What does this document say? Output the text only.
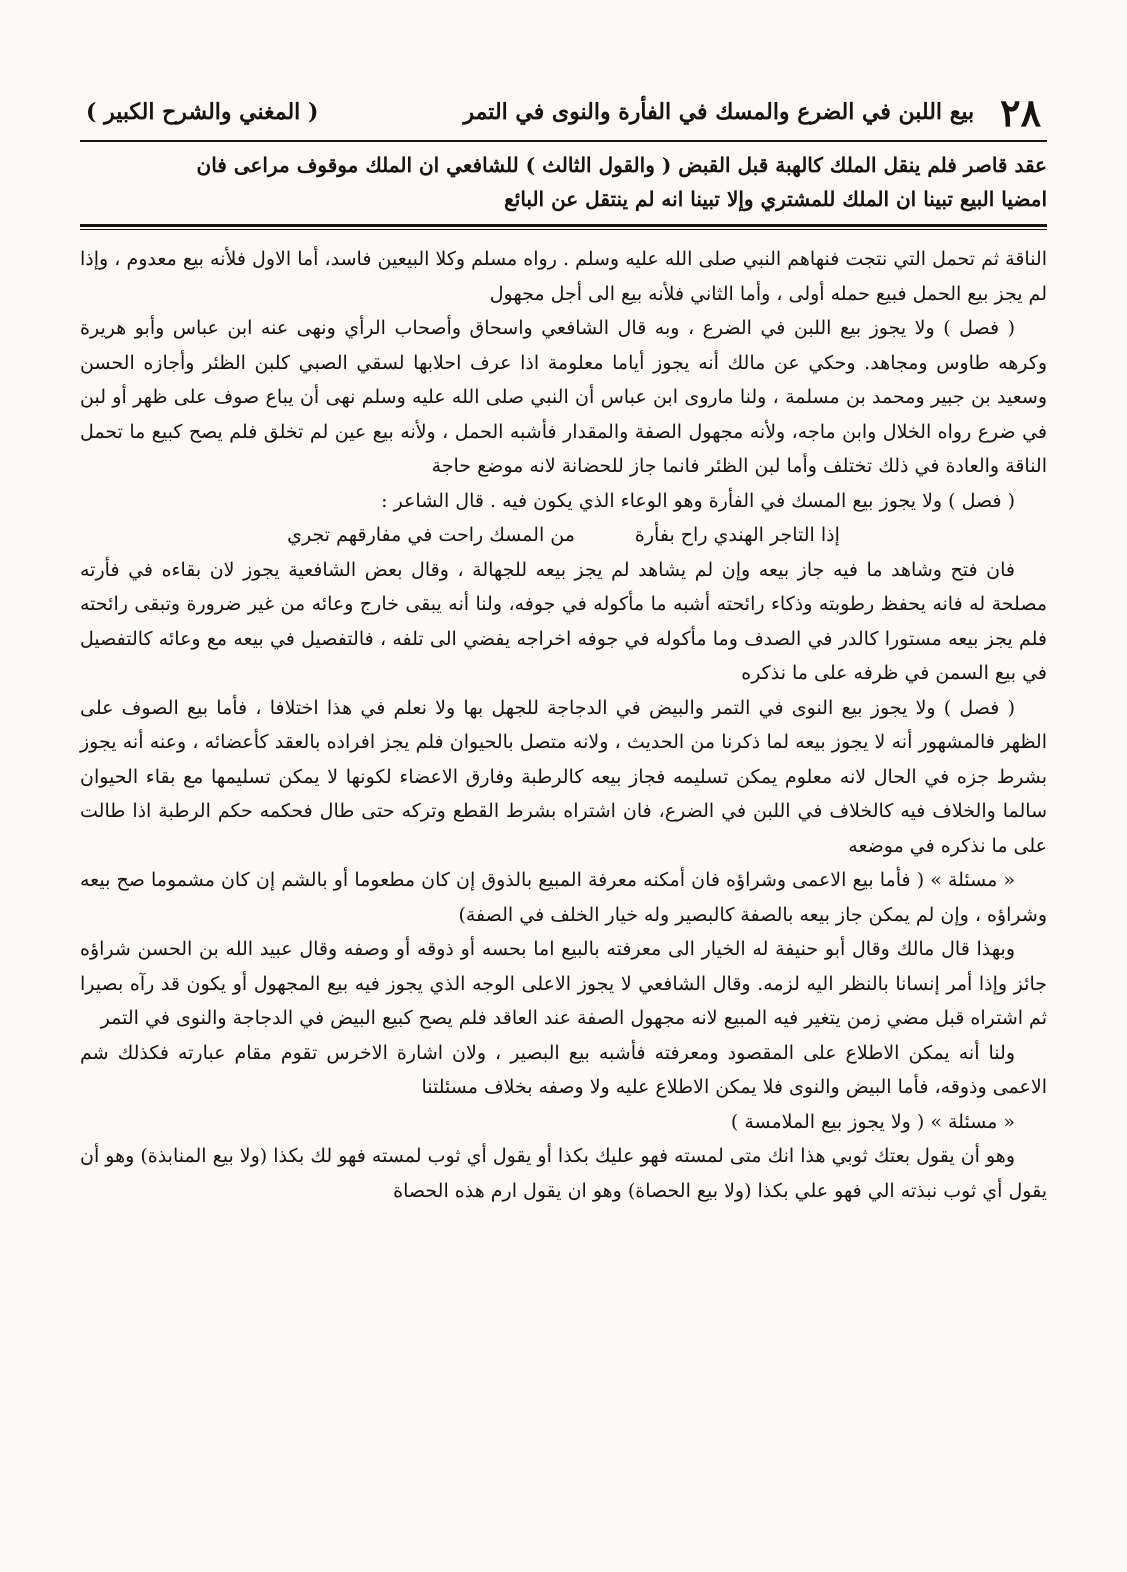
٢٨
بيع اللبن في الضرع والمسك في الفأرة والنوى في التمر
( المغني والشرح الكبير )

عقد قاصر فلم ينقل الملك كالهبة قبل القبض ( والقول الثالث ) للشافعي ان الملك موقوف مراعى فان

امضيا البيع تبينا ان الملك للمشتري وإلا تبينا انه لم ينتقل عن البائع

الناقة ثم تحمل التي نتجت فنهاهم النبي صلى الله عليه وسلم . رواه مسلم وكلا البيعين فاسد، أما الاول فلأنه بيع معدوم ، وإذا لم يجز بيع الحمل فبيع حمله أولى ، وأما الثاني فلأنه بيع الى أجل مجهول

( فصل ) ولا يجوز بيع اللبن في الضرع ، وبه قال الشافعي واسحاق وأصحاب الرأي ونهى عنه ابن عباس وأبو هريرة وكرهه طاوس ومجاهد. وحكي عن مالك أنه يجوز أياما معلومة اذا عرف احلابها لسقي الصبي كلبن الظئر وأجازه الحسن وسعيد بن جبير ومحمد بن مسلمة ، ولنا ماروى ابن عباس أن النبي صلى الله عليه وسلم نهى أن يباع صوف على ظهر أو لبن في ضرع رواه الخلال وابن ماجه، ولأنه مجهول الصفة والمقدار فأشبه الحمل ، ولأنه بيع عين لم تخلق فلم يصح كبيع ما تحمل الناقة والعادة في ذلك تختلف وأما لبن الظئر فانما جاز للحضانة لانه موضع حاجة

( فصل ) ولا يجوز بيع المسك في الفأرة وهو الوعاء الذي يكون فيه . قال الشاعر :

إذا التاجر الهندي راح بفأرة
من المسك راحت في مفارقهم تجري

فان فتح وشاهد ما فيه جاز بيعه وإن لم يشاهد لم يجز بيعه للجهالة ، وقال بعض الشافعية يجوز لان بقاءه في فأرته مصلحة له فانه يحفظ رطوبته وذكاء رائحته أشبه ما مأكوله في جوفه، ولنا أنه يبقى خارج وعائه من غير ضرورة وتبقى رائحته فلم يجز بيعه مستورا كالدر في الصدف وما مأكوله في جوفه اخراجه يفضي الى تلفه ، فالتفصيل في بيعه مع وعائه كالتفصيل في بيع السمن في ظرفه على ما نذكره

( فصل ) ولا يجوز بيع النوى في التمر والبيض في الدجاجة للجهل بها ولا نعلم في هذا اختلافا ، فأما بيع الصوف على الظهر فالمشهور أنه لا يجوز بيعه لما ذكرنا من الحديث ، ولانه متصل بالحيوان فلم يجز افراده بالعقد كأعضائه ، وعنه أنه يجوز بشرط جزه في الحال لانه معلوم يمكن تسليمه فجاز بيعه كالرطبة وفارق الاعضاء لكونها لا يمكن تسليمها مع بقاء الحيوان سالما والخلاف فيه كالخلاف في اللبن في الضرع، فان اشتراه بشرط القطع وتركه حتى طال فحكمه حكم الرطبة اذا طالت على ما نذكره في موضعه

« مسئلة » ( فأما بيع الاعمى وشراؤه فان أمكنه معرفة المبيع بالذوق إن كان مطعوما أو بالشم إن كان مشموما صح بيعه وشراؤه ، وإن لم يمكن جاز بيعه بالصفة كالبصير وله خيار الخلف في الصفة)

وبهذا قال مالك وقال أبو حنيفة له الخيار الى معرفته بالبيع اما بحسه أو ذوقه أو وصفه وقال عبيد الله بن الحسن شراؤه جائز وإذا أمر إنسانا بالنظر اليه لزمه. وقال الشافعي لا يجوز الاعلى الوجه الذي يجوز فيه بيع المجهول أو يكون قد رآه بصيرا ثم اشتراه قبل مضي زمن يتغير فيه المبيع لانه مجهول الصفة عند العاقد فلم يصح كبيع البيض في الدجاجة والنوى في التمر

ولنا أنه يمكن الاطلاع على المقصود ومعرفته فأشبه بيع البصير ، ولان اشارة الاخرس تقوم مقام عبارته فكذلك شم الاعمى وذوقه، فأما البيض والنوى فلا يمكن الاطلاع عليه ولا وصفه بخلاف مسئلتنا

« مسئلة » ( ولا يجوز بيع الملامسة )

وهو أن يقول بعتك ثوبي هذا انك متى لمسته فهو عليك بكذا أو يقول أي ثوب لمسته فهو لك بكذا (ولا بيع المنابذة) وهو أن يقول أي ثوب نبذته الي فهو علي بكذا (ولا بيع الحصاة) وهو ان يقول ارم هذه الحصاة
